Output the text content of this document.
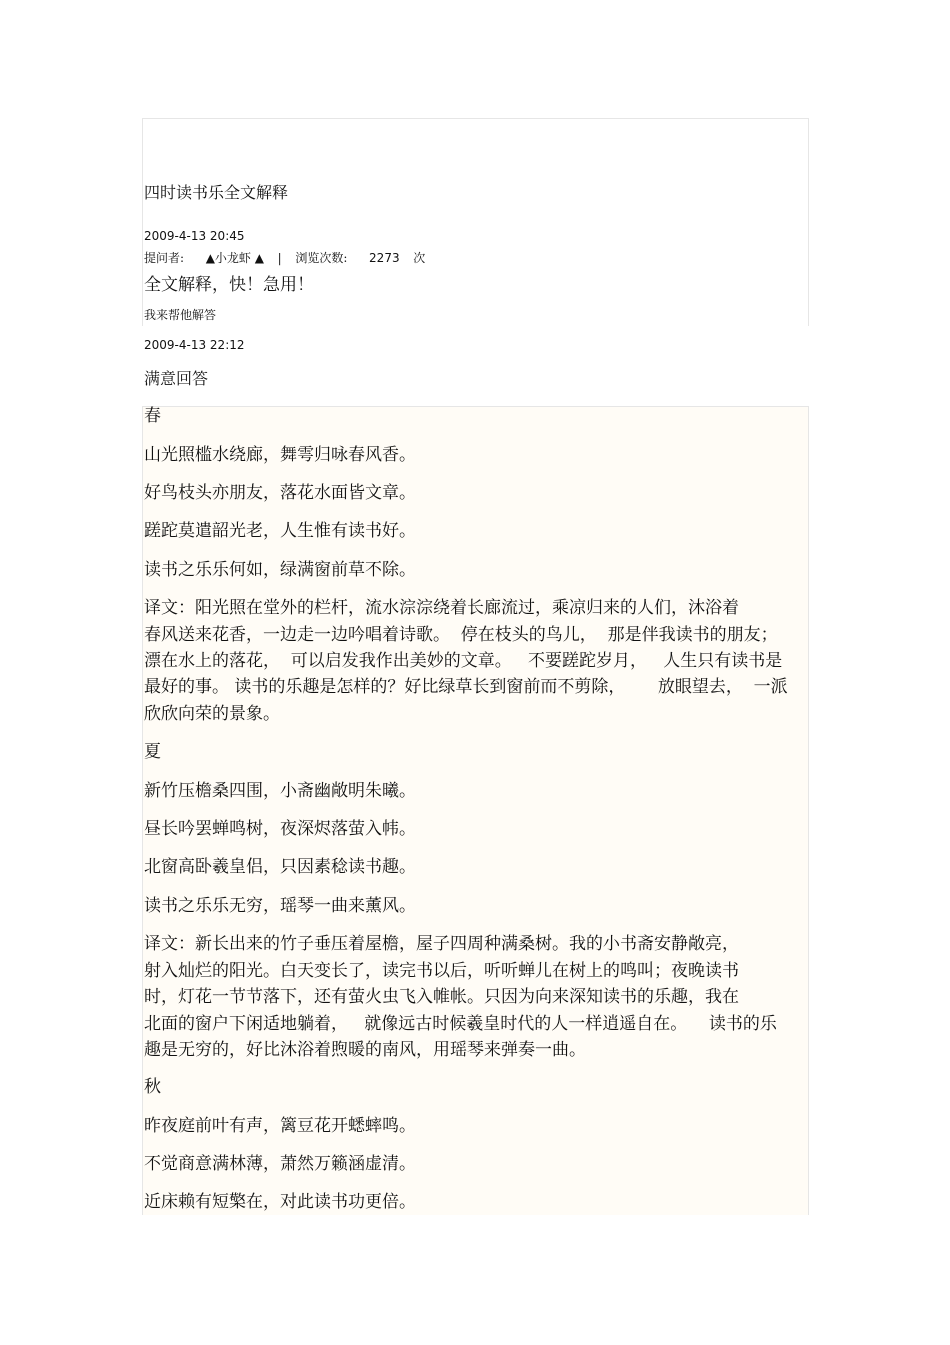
四时读书乐全文解释
2009-4-13 20:45
提问者: ▲小龙虾 ▲ | 浏览次数: 2273 次
全文解释，快！急用！
我来帮他解答
2009-4-13 22:12
满意回答
春
山光照槛水绕廊，舞雩归咏春风香。
好鸟枝头亦朋友，落花水面皆文章。
蹉跎莫遣韶光老，人生惟有读书好。
读书之乐乐何如，绿满窗前草不除。
译文：阳光照在堂外的栏杆，流水淙淙绕着长廊流过，乘凉归来的人们，沐浴着
春风送来花香，一边走一边吟唱着诗歌。  停在枝头的鸟儿，  那是伴我读书的朋友；
漂在水上的落花，  可以启发我作出美妙的文章。   不要蹉跎岁月，   人生只有读书是
最好的事。 读书的乐趣是怎样的？好比绿草长到窗前而不剪除，      放眼望去，  一派
欣欣向荣的景象。
夏
新竹压檐桑四围，小斋幽敞明朱曦。
昼长吟罢蝉鸣树，夜深烬落萤入帏。
北窗高卧羲皇侣，只因素稔读书趣。
读书之乐乐无穷，瑶琴一曲来薰风。
译文：新长出来的竹子垂压着屋檐，屋子四周种满桑树。我的小书斋安静敞亮，
射入灿烂的阳光。白天变长了，读完书以后，听听蝉儿在树上的鸣叫；夜晚读书
时，灯花一节节落下，还有萤火虫飞入帷帐。只因为向来深知读书的乐趣，我在
北面的窗户下闲适地躺着，   就像远古时候羲皇时代的人一样逍遥自在。    读书的乐
趣是无穷的，好比沐浴着煦暖的南风，用瑶琴来弹奏一曲。
秋
昨夜庭前叶有声，篱豆花开蟋蟀鸣。
不觉商意满林薄，萧然万籁涵虚清。
近床赖有短檠在，对此读书功更倍。
